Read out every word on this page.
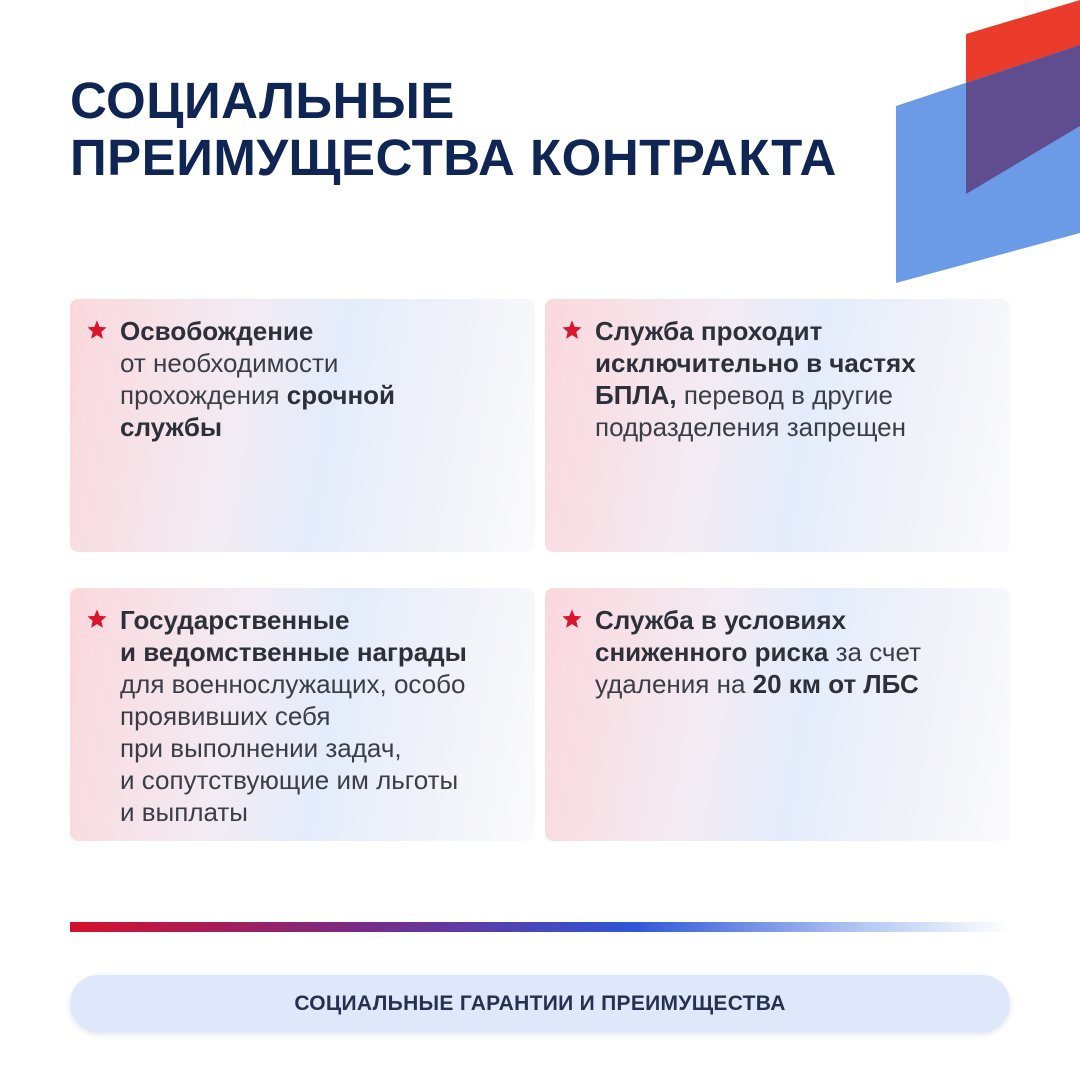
СОЦИАЛЬНЫЕ
ПРЕИМУЩЕСТВА КОНТРАКТА
Освобождение
от необходимости
прохождения срочной
службы
Служба проходит
исключительно в частях
БПЛА, перевод в другие
подразделения запрещен
Государственные
и ведомственные награды
для военнослужащих, особо
проявивших себя
при выполнении задач,
и сопутствующие им льготы
и выплаты
Служба в условиях
сниженного риска за счет
удаления на 20 км от ЛБС
СОЦИАЛЬНЫЕ ГАРАНТИИ И ПРЕИМУЩЕСТВА
